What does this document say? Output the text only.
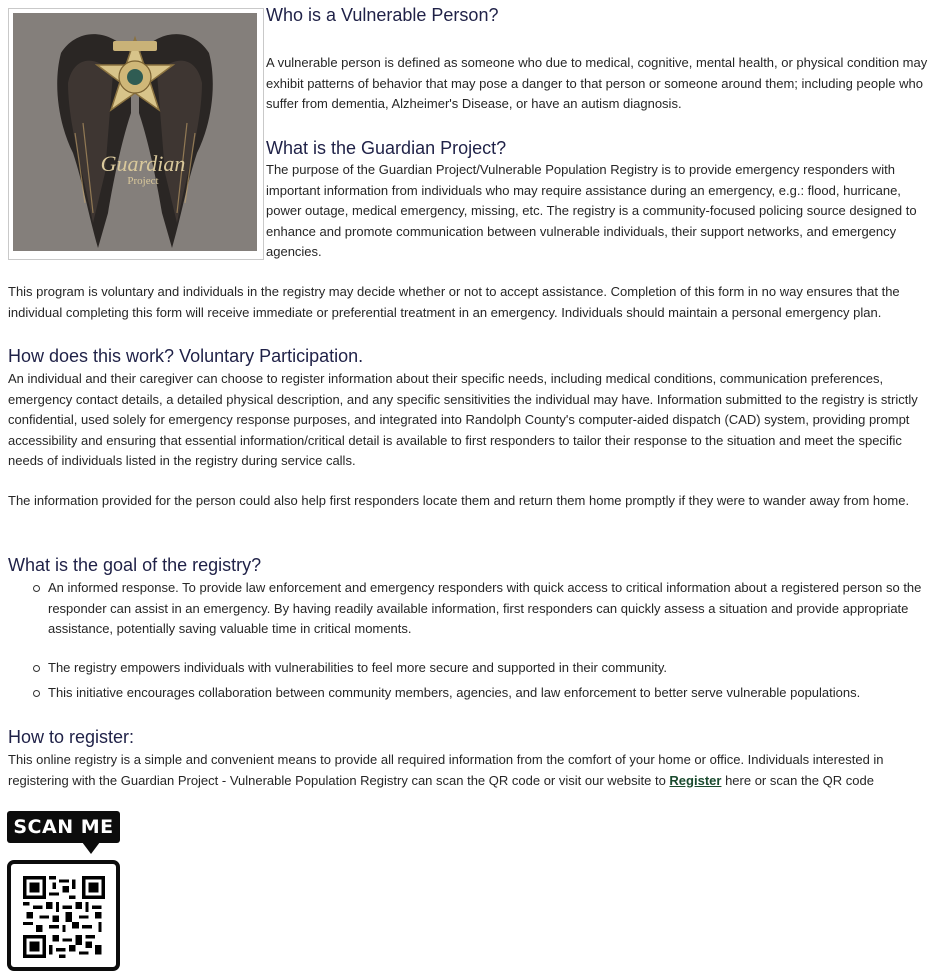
Guardian
Project
Who is a Vulnerable Person?

A vulnerable person is defined as someone who due to medical, cognitive, mental health, or physical condition may exhibit patterns of behavior that may pose a danger to that person or someone around them; including people who suffer from dementia, Alzheimer's Disease, or have an autism diagnosis.

What is the Guardian Project?

The purpose of the Guardian Project/Vulnerable Population Registry is to provide emergency responders with important information from individuals who may require assistance during an emergency, e.g.: flood, hurricane, power outage, medical emergency, missing, etc. The registry is a community-focused policing source designed to enhance and promote communication between vulnerable individuals, their support networks, and emergency agencies.

This program is voluntary and individuals in the registry may decide whether or not to accept assistance. Completion of this form in no way ensures that the individual completing this form will receive immediate or preferential treatment in an emergency. Individuals should maintain a personal emergency plan.

How does this work? Voluntary Participation.

An individual and their caregiver can choose to register information about their specific needs, including medical conditions, communication preferences, emergency contact details, a detailed physical description, and any specific sensitivities the individual may have. Information submitted to the registry is strictly confidential, used solely for emergency response purposes, and integrated into Randolph County's computer-aided dispatch (CAD) system, providing prompt accessibility and ensuring that essential information/critical detail is available to first responders to tailor their response to the situation and meet the specific needs of individuals listed in the registry during service calls.

The information provided for the person could also help first responders locate them and return them home promptly if they were to wander away from home.

What is the goal of the registry?
An informed response. To provide law enforcement and emergency responders with quick access to critical information about a registered person so the responder can assist in an emergency. By having readily available information, first responders can quickly assess a situation and provide appropriate assistance, potentially saving valuable time in critical moments.
The registry empowers individuals with vulnerabilities to feel more secure and supported in their community.
This initiative encourages collaboration between community members, agencies, and law enforcement to better serve vulnerable populations.
How to register:

This online registry is a simple and convenient means to provide all required information from the comfort of your home or office. Individuals interested in registering with the Guardian Project - Vulnerable Population Registry can scan the QR code or visit our website to Register here or scan the QR code

SCAN ME
